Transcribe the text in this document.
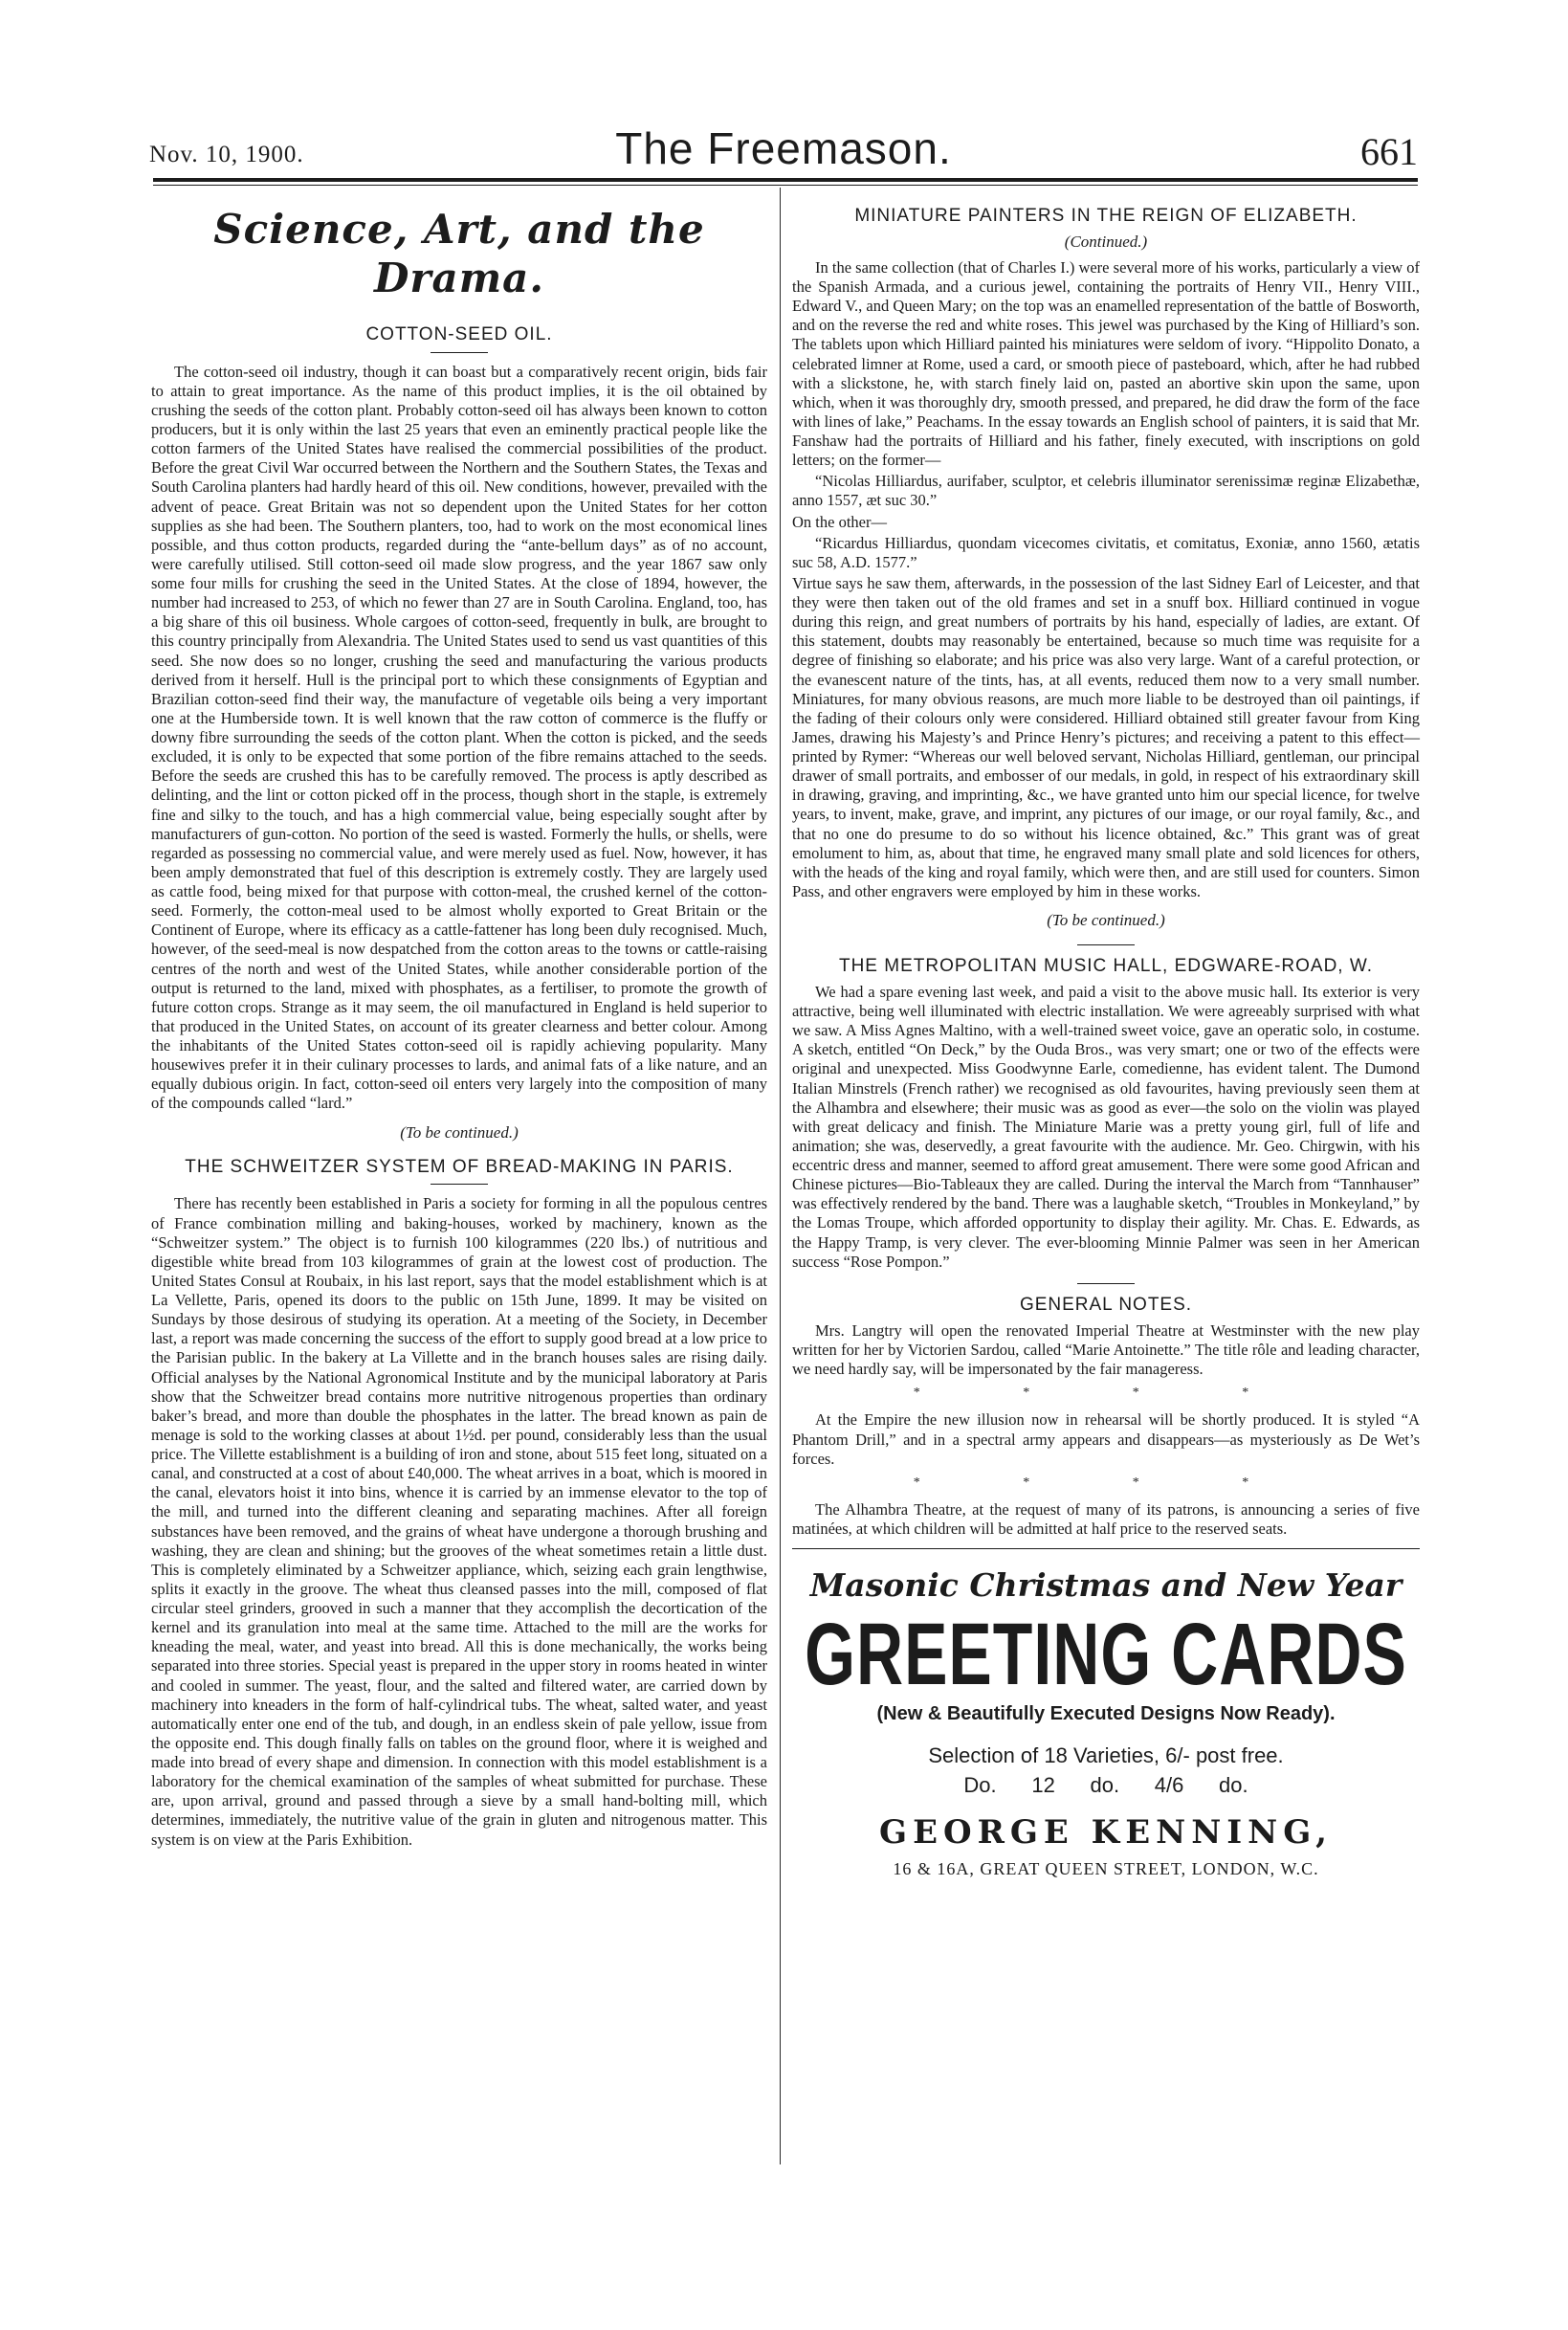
Nov. 10, 1900.	The Freemason.	661
Science, Art, and the Drama.
COTTON-SEED OIL.

The cotton-seed oil industry, though it can boast but a comparatively recent origin, bids fair to attain to great importance. As the name of this product implies, it is the oil obtained by crushing the seeds of the cotton plant. Probably cotton-seed oil has always been known to cotton producers, but it is only within the last 25 years that even an eminently practical people like the cotton farmers of the United States have realised the commercial possibilities of the product. Before the great Civil War occurred between the Northern and the Southern States, the Texas and South Carolina planters had hardly heard of this oil. New conditions, however, prevailed with the advent of peace. Great Britain was not so dependent upon the United States for her cotton supplies as she had been. The Southern planters, too, had to work on the most economical lines possible, and thus cotton products, regarded during the “ante-bellum days” as of no account, were carefully utilised. Still cotton-seed oil made slow progress, and the year 1867 saw only some four mills for crushing the seed in the United States. At the close of 1894, however, the number had increased to 253, of which no fewer than 27 are in South Carolina. England, too, has a big share of this oil business. Whole cargoes of cotton-seed, frequently in bulk, are brought to this country principally from Alexandria. The United States used to send us vast quantities of this seed. She now does so no longer, crushing the seed and manufacturing the various products derived from it herself. Hull is the principal port to which these consignments of Egyptian and Brazilian cotton-seed find their way, the manufacture of vegetable oils being a very important one at the Humberside town. It is well known that the raw cotton of commerce is the fluffy or downy fibre surrounding the seeds of the cotton plant. When the cotton is picked, and the seeds excluded, it is only to be expected that some portion of the fibre remains attached to the seeds. Before the seeds are crushed this has to be carefully removed. The process is aptly described as delinting, and the lint or cotton picked off in the process, though short in the staple, is extremely fine and silky to the touch, and has a high commercial value, being especially sought after by manufacturers of gun-cotton. No portion of the seed is wasted. Formerly the hulls, or shells, were regarded as possessing no commercial value, and were merely used as fuel. Now, however, it has been amply demonstrated that fuel of this description is extremely costly. They are largely used as cattle food, being mixed for that purpose with cotton-meal, the crushed kernel of the cotton-seed. Formerly, the cotton-meal used to be almost wholly exported to Great Britain or the Continent of Europe, where its efficacy as a cattle-fattener has long been duly recognised. Much, however, of the seed-meal is now despatched from the cotton areas to the towns or cattle-raising centres of the north and west of the United States, while another considerable portion of the output is returned to the land, mixed with phosphates, as a fertiliser, to promote the growth of future cotton crops. Strange as it may seem, the oil manufactured in England is held superior to that produced in the United States, on account of its greater clearness and better colour. Among the inhabitants of the United States cotton-seed oil is rapidly achieving popularity. Many housewives prefer it in their culinary processes to lards, and animal fats of a like nature, and an equally dubious origin. In fact, cotton-seed oil enters very largely into the composition of many of the compounds called “lard.”

(To be continued.)
THE SCHWEITZER SYSTEM OF BREAD-MAKING IN PARIS.

There has recently been established in Paris a society for forming in all the populous centres of France combination milling and baking-houses, worked by machinery, known as the “Schweitzer system.” The object is to furnish 100 kilogrammes (220 lbs.) of nutritious and digestible white bread from 103 kilogrammes of grain at the lowest cost of production. The United States Consul at Roubaix, in his last report, says that the model establishment which is at La Vellette, Paris, opened its doors to the public on 15th June, 1899. It may be visited on Sundays by those desirous of studying its operation. At a meeting of the Society, in December last, a report was made concerning the success of the effort to supply good bread at a low price to the Parisian public. In the bakery at La Villette and in the branch houses sales are rising daily. Official analyses by the National Agronomical Institute and by the municipal laboratory at Paris show that the Schweitzer bread contains more nutritive nitrogenous properties than ordinary baker’s bread, and more than double the phosphates in the latter. The bread known as pain de menage is sold to the working classes at about 1½d. per pound, considerably less than the usual price. The Villette establishment is a building of iron and stone, about 515 feet long, situated on a canal, and constructed at a cost of about £40,000. The wheat arrives in a boat, which is moored in the canal, elevators hoist it into bins, whence it is carried by an immense elevator to the top of the mill, and turned into the different cleaning and separating machines. After all foreign substances have been removed, and the grains of wheat have undergone a thorough brushing and washing, they are clean and shining; but the grooves of the wheat sometimes retain a little dust. This is completely eliminated by a Schweitzer appliance, which, seizing each grain lengthwise, splits it exactly in the groove. The wheat thus cleansed passes into the mill, composed of flat circular steel grinders, grooved in such a manner that they accomplish the decortication of the kernel and its granulation into meal at the same time. Attached to the mill are the works for kneading the meal, water, and yeast into bread. All this is done mechanically, the works being separated into three stories. Special yeast is prepared in the upper story in rooms heated in winter and cooled in summer. The yeast, flour, and the salted and filtered water, are carried down by machinery into kneaders in the form of half-cylindrical tubs. The wheat, salted water, and yeast automatically enter one end of the tub, and dough, in an endless skein of pale yellow, issue from the opposite end. This dough finally falls on tables on the ground floor, where it is weighed and made into bread of every shape and dimension. In connection with this model establishment is a laboratory for the chemical examination of the samples of wheat submitted for purchase. These are, upon arrival, ground and passed through a sieve by a small hand-bolting mill, which determines, immediately, the nutritive value of the grain in gluten and nitrogenous matter. This system is on view at the Paris Exhibition.

MINIATURE PAINTERS IN THE REIGN OF ELIZABETH.
(Continued.)

In the same collection (that of Charles I.) were several more of his works, particularly a view of the Spanish Armada, and a curious jewel, containing the portraits of Henry VII., Henry VIII., Edward V., and Queen Mary; on the top was an enamelled representation of the battle of Bosworth, and on the reverse the red and white roses. This jewel was purchased by the King of Hilliard’s son. The tablets upon which Hilliard painted his miniatures were seldom of ivory. “Hippolito Donato, a celebrated limner at Rome, used a card, or smooth piece of pasteboard, which, after he had rubbed with a slickstone, he, with starch finely laid on, pasted an abortive skin upon the same, upon which, when it was thoroughly dry, smooth pressed, and prepared, he did draw the form of the face with lines of lake,” Peachams. In the essay towards an English school of painters, it is said that Mr. Fanshaw had the portraits of Hilliard and his father, finely executed, with inscriptions on gold letters; on the former—

“Nicolas Hilliardus, aurifaber, sculptor, et celebris illuminator serenissimæ reginæ Elizabethæ, anno 1557, æt suc 30.”

On the other—

“Ricardus Hilliardus, quondam vicecomes civitatis, et comitatus, Exoniæ, anno 1560, ætatis suc 58, A.D. 1577.”

Virtue says he saw them, afterwards, in the possession of the last Sidney Earl of Leicester, and that they were then taken out of the old frames and set in a snuff box. Hilliard continued in vogue during this reign, and great numbers of portraits by his hand, especially of ladies, are extant. Of this statement, doubts may reasonably be entertained, because so much time was requisite for a degree of finishing so elaborate; and his price was also very large. Want of a careful protection, or the evanescent nature of the tints, has, at all events, reduced them now to a very small number. Miniatures, for many obvious reasons, are much more liable to be destroyed than oil paintings, if the fading of their colours only were considered. Hilliard obtained still greater favour from King James, drawing his Majesty’s and Prince Henry’s pictures; and receiving a patent to this effect—printed by Rymer: “Whereas our well beloved servant, Nicholas Hilliard, gentleman, our principal drawer of small portraits, and embosser of our medals, in gold, in respect of his extraordinary skill in drawing, graving, and imprinting, &c., we have granted unto him our special licence, for twelve years, to invent, make, grave, and imprint, any pictures of our image, or our royal family, &c., and that no one do presume to do so without his licence obtained, &c.” This grant was of great emolument to him, as, about that time, he engraved many small plate and sold licences for others, with the heads of the king and royal family, which were then, and are still used for counters. Simon Pass, and other engravers were employed by him in these works.

(To be continued.)
THE METROPOLITAN MUSIC HALL, EDGWARE-ROAD, W.

We had a spare evening last week, and paid a visit to the above music hall. Its exterior is very attractive, being well illuminated with electric installation. We were agreeably surprised with what we saw. A Miss Agnes Maltino, with a well-trained sweet voice, gave an operatic solo, in costume. A sketch, entitled “On Deck,” by the Ouda Bros., was very smart; one or two of the effects were original and unexpected. Miss Goodwynne Earle, comedienne, has evident talent. The Dumond Italian Minstrels (French rather) we recognised as old favourites, having previously seen them at the Alhambra and elsewhere; their music was as good as ever—the solo on the violin was played with great delicacy and finish. The Miniature Marie was a pretty young girl, full of life and animation; she was, deservedly, a great favourite with the audience. Mr. Geo. Chirgwin, with his eccentric dress and manner, seemed to afford great amusement. There were some good African and Chinese pictures—Bio-Tableaux they are called. During the interval the March from “Tannhauser” was effectively rendered by the band. There was a laughable sketch, “Troubles in Monkeyland,” by the Lomas Troupe, which afforded opportunity to display their agility. Mr. Chas. E. Edwards, as the Happy Tramp, is very clever. The ever-blooming Minnie Palmer was seen in her American success “Rose Pompon.”

GENERAL NOTES.

Mrs. Langtry will open the renovated Imperial Theatre at Westminster with the new play written for her by Victorien Sardou, called “Marie Antoinette.” The title rôle and leading character, we need hardly say, will be impersonated by the fair manageress.

* * * *

At the Empire the new illusion now in rehearsal will be shortly produced. It is styled “A Phantom Drill,” and in a spectral army appears and disappears—as mysteriously as De Wet’s forces.

* * * *

The Alhambra Theatre, at the request of many of its patrons, is announcing a series of five matinées, at which children will be admitted at half price to the reserved seats.

Masonic Christmas and New Year
GREETING CARDS
(New & Beautifully Executed Designs Now Ready).
Selection of 18 Varieties, 6/- post free.
Do.      12      do.      4/6      do.
GEORGE KENNING,
16 & 16A, GREAT QUEEN STREET, LONDON, W.C.
